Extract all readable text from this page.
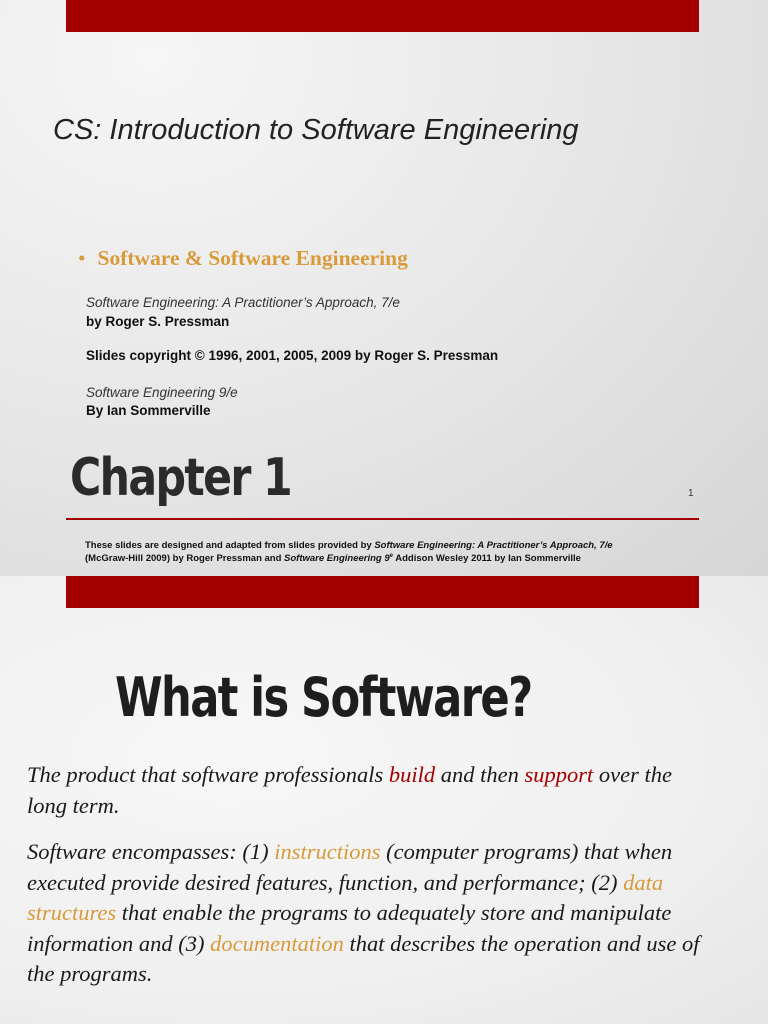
CS: Introduction to Software Engineering
• Software & Software Engineering
Software Engineering: A Practitioner’s Approach, 7/e
by Roger S. Pressman
Slides copyright © 1996, 2001, 2005, 2009 by Roger S. Pressman
Software Engineering 9/e
By Ian Sommerville
Chapter 1	1
These slides are designed and adapted from slides provided by Software Engineering: A Practitioner’s Approach, 7/e
(McGraw-Hill 2009) by Roger Pressman and Software Engineering 9e Addison Wesley 2011 by Ian Sommerville
What is Software?
The product that software professionals build and then support over the long term.
Software encompasses: (1) instructions (computer programs) that when executed provide desired features, function, and performance; (2) data structures that enable the programs to adequately store and manipulate information and (3) documentation that describes the operation and use of the programs.
